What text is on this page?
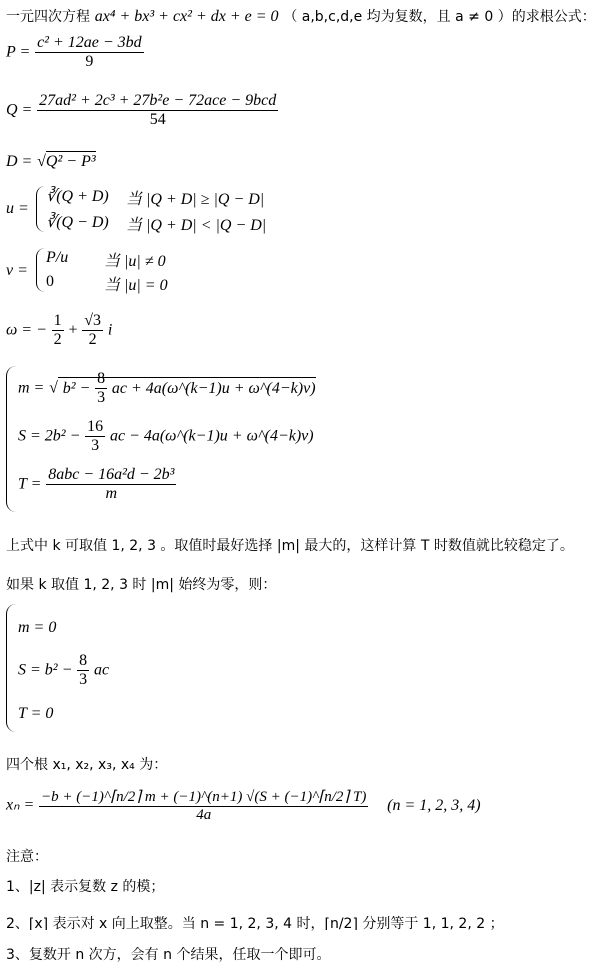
一元四次方程 ax⁴ + bx³ + cx² + dx + e = 0 （ a,b,c,d,e 均为复数，且 a ≠ 0 ）的求根公式：
$P = \frac{\text{c² + 12ae − 3bd}}{9}$
$Q = \frac{\text{27ad² + 2c³ + 27b²e − 72ace − 9bcd}}{54}$
D = √Q² − P³
u =
∛(Q + D) 当 |Q + D| ≥ |Q − D|
∛(Q − D) 当 |Q + D| < |Q − D|
v =
P/u 当 |u| ≠ 0
0	当 |u| = 0
ω = − $\frac{1}{2} + \frac{√3}{2}$ i
m = √ $b^2 - \frac{8}{3}$ ac + 4a(ω^(k−1)u + ω^(4−k)v)
$S = 2b^2 - \frac{16}{3}$ ac − 4a(ω^(k−1)u + ω^(4−k)v)
$T = \frac{\text{8abc − 16a²d − 2b³}}{m}$
上式中 k 可取值 1, 2, 3 。取值时最好选择 |m| 最大的，这样计算 T 时数值就比较稳定了。
如果 k 取值 1, 2, 3 时 |m| 始终为零，则：
m = 0
$S = b^2 - \frac{8}{3}$ ac
T = 0
四个根 x₁, x₂, x₃, x₄ 为：
$x_n = \frac{-b + (-1)\^{}⌈n/2⌉ m + (-1)\^{}(n+1) √(S + (-1)\^{}⌈n/2⌉ T)}{4a} (n = 1$, 2, 3, 4)
注意：
1、|z| 表示复数 z 的模；
2、⌈x⌉ 表示对 x 向上取整。当 n = 1, 2, 3, 4 时，⌈n/2⌉ 分别等于 1, 1, 2, 2 ；
3、复数开 n 次方，会有 n 个结果，任取一个即可。
